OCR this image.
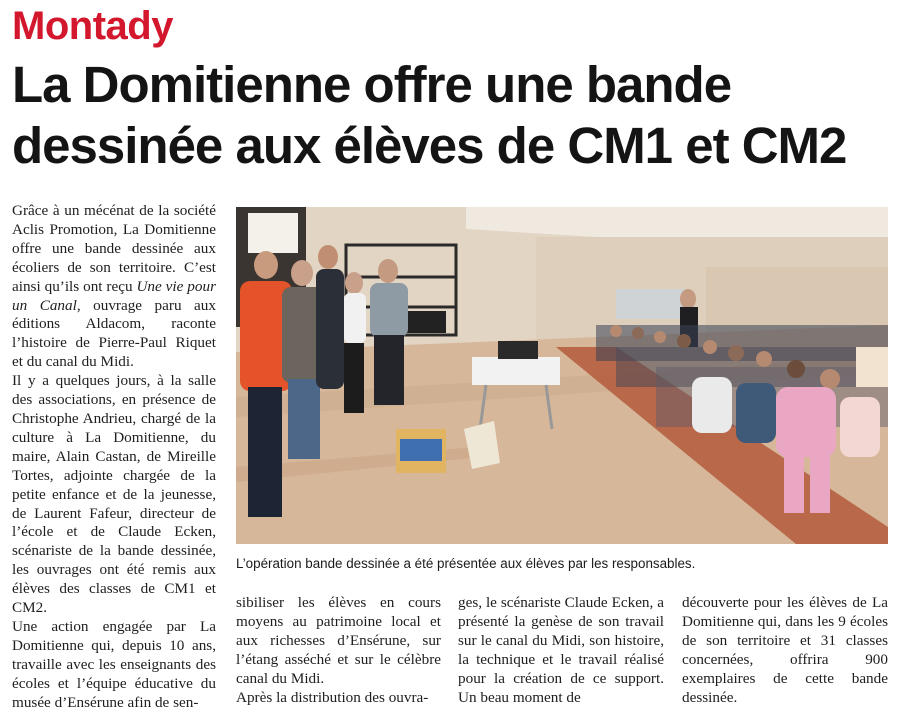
Montady
La Domitienne offre une bande dessinée aux élèves de CM1 et CM2

Grâce à un mécénat de la société Aclis Promotion, La Domitienne offre une bande dessinée aux écoliers de son territoire. C’est ainsi qu’ils ont reçu Une vie pour un Canal, ouvrage paru aux éditions Aldacom, raconte l’histoire de Pierre-Paul Riquet et du canal du Midi.

Il y a quelques jours, à la salle des associations, en présence de Christophe Andrieu, chargé de la culture à La Domitienne, du maire, Alain Castan, de Mireille Tortes, adjointe chargée de la petite enfance et de la jeunesse, de Laurent Fafeur, directeur de l’école et de Claude Ecken, scénariste de la bande dessinée, les ouvrages ont été remis aux élèves des classes de CM1 et CM2.

Une action engagée par La Domitienne qui, depuis 10 ans, travaille avec les enseignants des écoles et l’équipe éducative du musée d’Ensérune afin de sen-

L’opération bande dessinée a été présentée aux élèves par les responsables.

sibiliser les élèves en cours moyens au patrimoine local et aux richesses d’Ensérune, sur l’étang asséché et sur le célèbre canal du Midi.

Après la distribution des ouvra-

ges, le scénariste Claude Ecken, a présenté la genèse de son travail sur le canal du Midi, son histoire, la technique et le travail réalisé pour la création de ce support. Un beau moment de

découverte pour les élèves de La Domitienne qui, dans les 9 écoles de son territoire et 31 classes concernées, offrira 900 exemplaires de cette bande dessinée.
